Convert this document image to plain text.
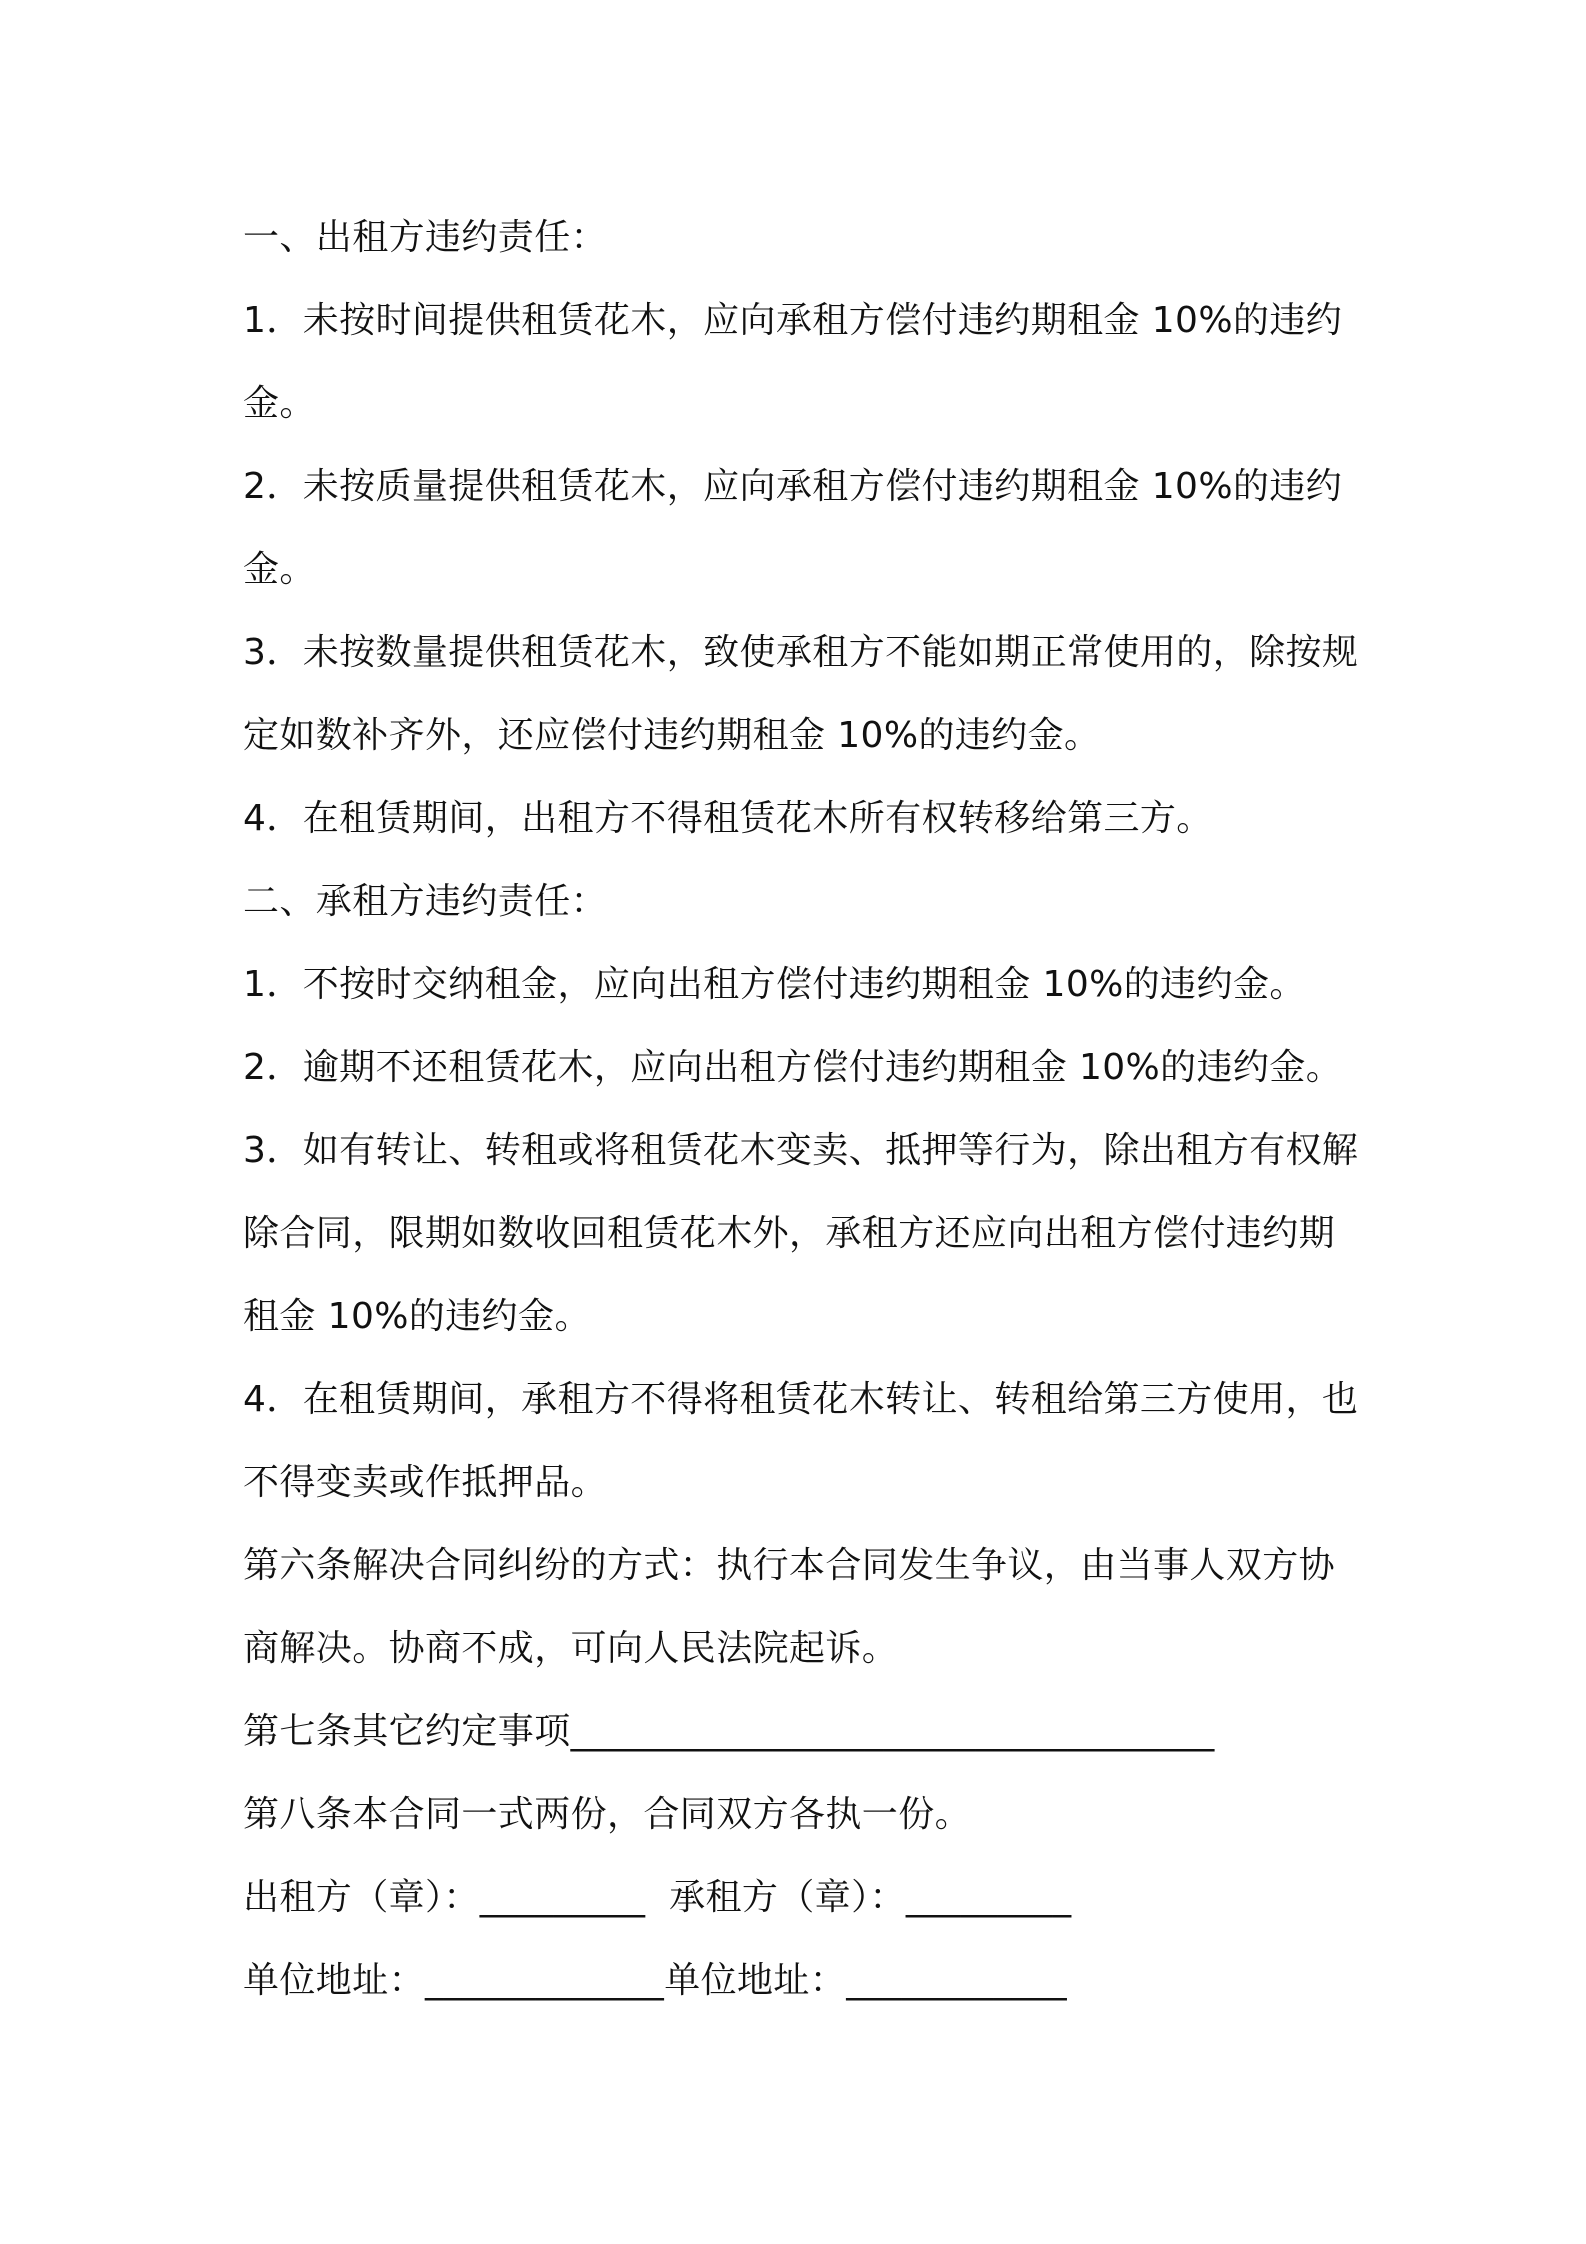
一、出租方违约责任：

1．未按时间提供租赁花木，应向承租方偿付违约期租金 10%的违约金。

2．未按质量提供租赁花木，应向承租方偿付违约期租金 10%的违约金。

3．未按数量提供租赁花木，致使承租方不能如期正常使用的，除按规定如数补齐外，还应偿付违约期租金 10%的违约金。

4．在租赁期间，出租方不得租赁花木所有权转移给第三方。

二、承租方违约责任：

1．不按时交纳租金，应向出租方偿付违约期租金 10%的违约金。

2．逾期不还租赁花木，应向出租方偿付违约期租金 10%的违约金。

3．如有转让、转租或将租赁花木变卖、抵押等行为，除出租方有权解除合同，限期如数收回租赁花木外，承租方还应向出租方偿付违约期租金 10%的违约金。

4．在租赁期间，承租方不得将租赁花木转让、转租给第三方使用，也不得变卖或作抵押品。

第六条解决合同纠纷的方式：执行本合同发生争议，由当事人双方协商解决。协商不成，可向人民法院起诉。

第七条其它约定事项___________________________________

第八条本合同一式两份，合同双方各执一份。

出租方（章）：_________  承租方（章）：_________

单位地址：_____________单位地址：____________
